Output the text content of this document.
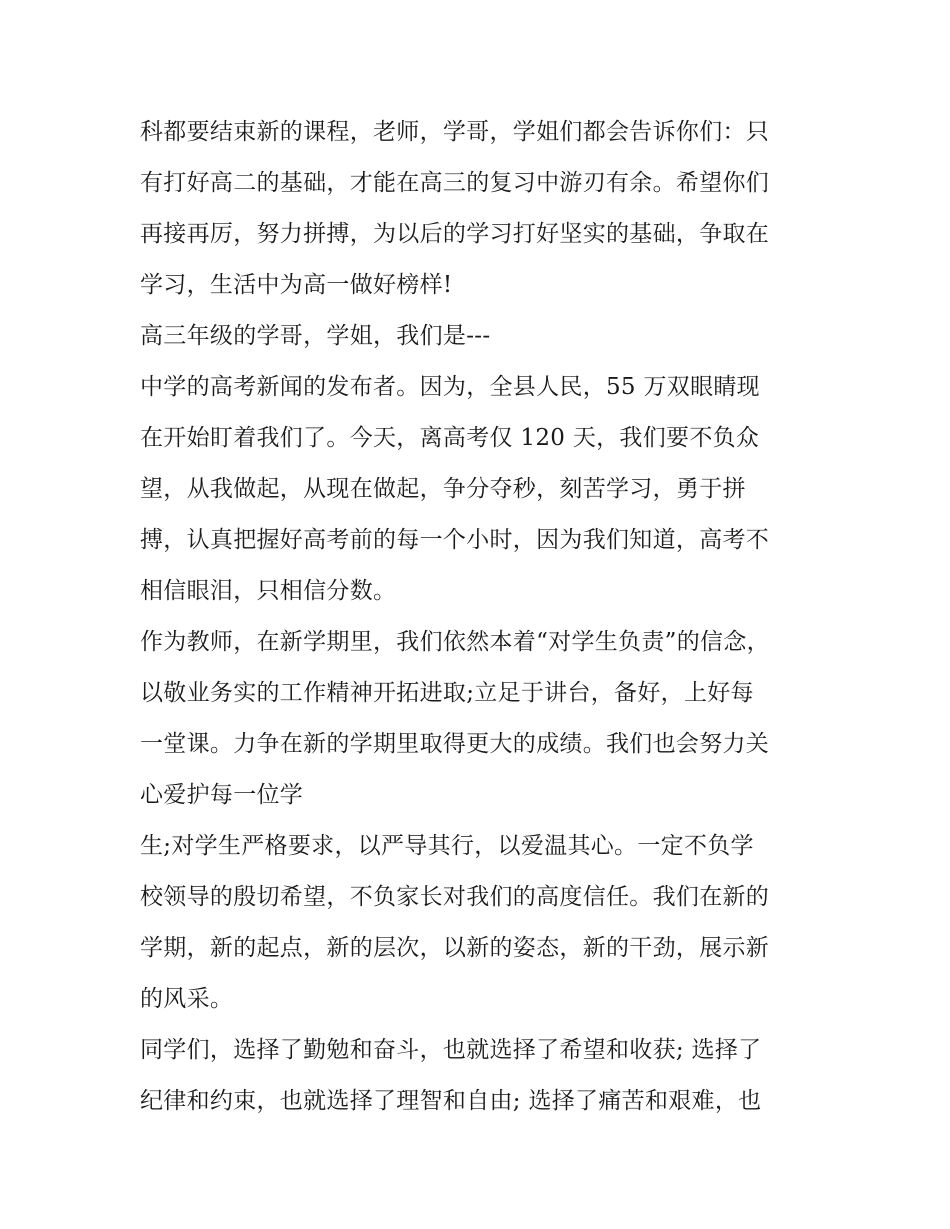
科都要结束新的课程，老师，学哥，学姐们都会告诉你们：只
有打好高二的基础，才能在高三的复习中游刃有余。希望你们
再接再厉，努力拼搏，为以后的学习打好坚实的基础，争取在
学习，生活中为高一做好榜样!
高三年级的学哥，学姐，我们是---
中学的高考新闻的发布者。因为，全县人民，55 万双眼睛现
在开始盯着我们了。今天，离高考仅 120 天，我们要不负众
望，从我做起，从现在做起，争分夺秒，刻苦学习，勇于拼
搏，认真把握好高考前的每一个小时，因为我们知道，高考不
相信眼泪，只相信分数。
作为教师，在新学期里，我们依然本着“对学生负责”的信念，
以敬业务实的工作精神开拓进取;立足于讲台，备好，上好每
一堂课。力争在新的学期里取得更大的成绩。我们也会努力关
心爱护每一位学
生;对学生严格要求，以严导其行，以爱温其心。一定不负学
校领导的殷切希望，不负家长对我们的高度信任。我们在新的
学期，新的起点，新的层次，以新的姿态，新的干劲，展示新
的风采。
同学们，选择了勤勉和奋斗，也就选择了希望和收获; 选择了
纪律和约束，也就选择了理智和自由; 选择了痛苦和艰难，也
